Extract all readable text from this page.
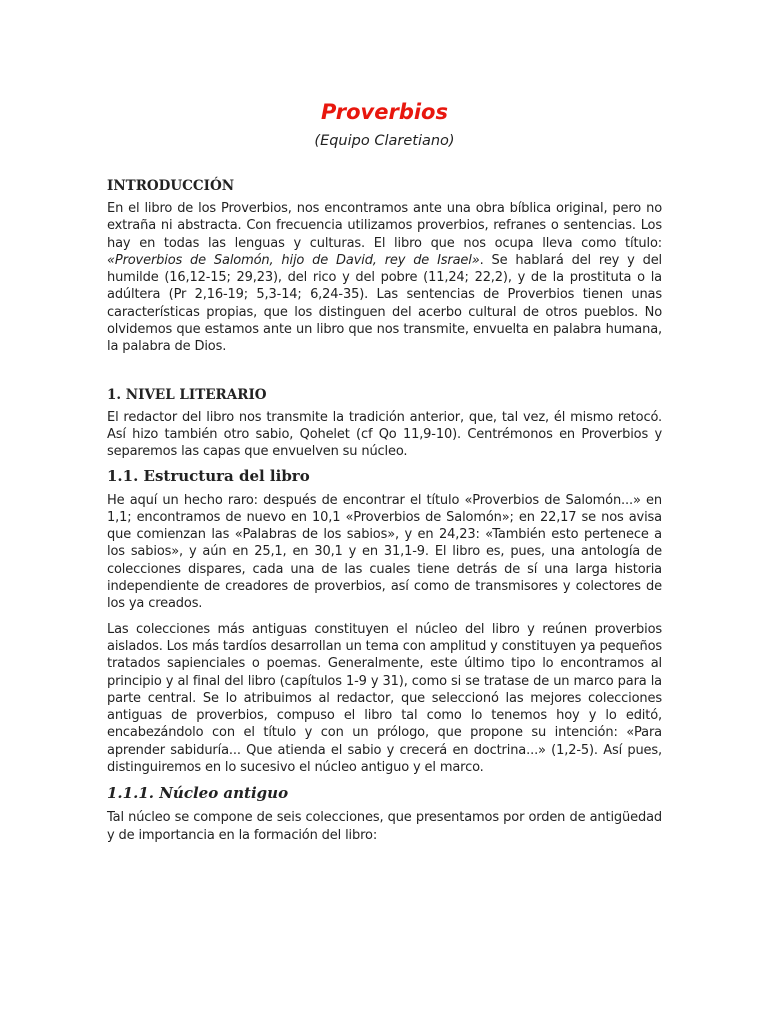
Proverbios
(Equipo Claretiano)
INTRODUCCIÓN

En el libro de los Proverbios, nos encontramos ante una obra bíblica original, pero no extraña ni abstracta. Con frecuencia utilizamos proverbios, refranes o sentencias. Los hay en todas las lenguas y culturas. El libro que nos ocupa lleva como título: «Proverbios de Salomón, hijo de David, rey de Israel». Se hablará del rey y del humilde (16,12-15; 29,23), del rico y del pobre (11,24; 22,2), y de la prostituta o la adúltera (Pr 2,16-19; 5,3-14; 6,24-35). Las sentencias de Proverbios tienen unas características propias, que los distinguen del acerbo cultural de otros pueblos. No olvidemos que estamos ante un libro que nos transmite, envuelta en palabra humana, la palabra de Dios.

1. NIVEL LITERARIO

El redactor del libro nos transmite la tradición anterior, que, tal vez, él mismo retocó. Así hizo también otro sabio, Qohelet (cf Qo 11,9-10). Centrémonos en Proverbios y separemos las capas que envuelven su núcleo.

1.1. Estructura del libro

He aquí un hecho raro: después de encontrar el título «Proverbios de Salomón...» en 1,1; encontramos de nuevo en 10,1 «Proverbios de Salomón»; en 22,17 se nos avisa que comienzan las «Palabras de los sabios», y en 24,23: «También esto pertenece a los sabios», y aún en 25,1, en 30,1 y en 31,1-9. El libro es, pues, una antología de colecciones dispares, cada una de las cuales tiene detrás de sí una larga historia independiente de creadores de proverbios, así como de transmisores y colectores de los ya creados.

Las colecciones más antiguas constituyen el núcleo del libro y reúnen proverbios aislados. Los más tardíos desarrollan un tema con amplitud y constituyen ya pequeños tratados sapienciales o poemas. Generalmente, este último tipo lo encontramos al principio y al final del libro (capítulos 1-9 y 31), como si se tratase de un marco para la parte central. Se lo atribuimos al redactor, que seleccionó las mejores colecciones antiguas de proverbios, compuso el libro tal como lo tenemos hoy y lo editó, encabezándolo con el título y con un prólogo, que propone su intención: «Para aprender sabiduría... Que atienda el sabio y crecerá en doctrina...» (1,2-5). Así pues, distinguiremos en lo sucesivo el núcleo antiguo y el marco.

1.1.1. Núcleo antiguo

Tal núcleo se compone de seis colecciones, que presentamos por orden de antigüedad y de importancia en la formación del libro:
